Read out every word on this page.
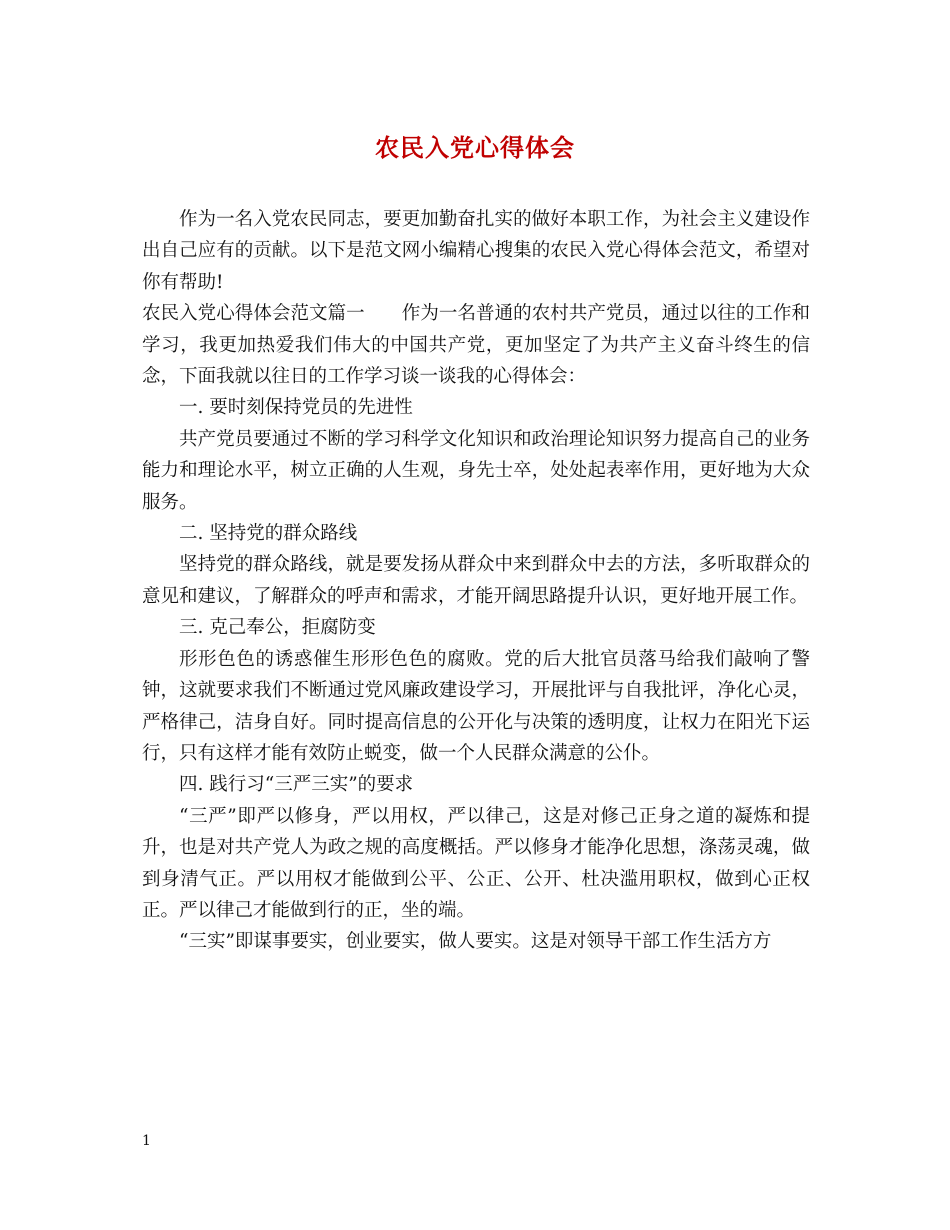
农民入党心得体会

作为一名入党农民同志，要更加勤奋扎实的做好本职工作，为社会主义建设作出自己应有的贡献。以下是范文网小编精心搜集的农民入党心得体会范文，希望对你有帮助!

农民入党心得体会范文篇一　　作为一名普通的农村共产党员，通过以往的工作和学习，我更加热爱我们伟大的中国共产党，更加坚定了为共产主义奋斗终生的信念，下面我就以往日的工作学习谈一谈我的心得体会：

一. 要时刻保持党员的先进性

共产党员要通过不断的学习科学文化知识和政治理论知识努力提高自己的业务能力和理论水平，树立正确的人生观，身先士卒，处处起表率作用，更好地为大众服务。

二. 坚持党的群众路线

坚持党的群众路线，就是要发扬从群众中来到群众中去的方法，多听取群众的意见和建议，了解群众的呼声和需求，才能开阔思路提升认识，更好地开展工作。

三. 克己奉公，拒腐防变

形形色色的诱惑催生形形色色的腐败。党的后大批官员落马给我们敲响了警钟，这就要求我们不断通过党风廉政建设学习，开展批评与自我批评，净化心灵，严格律己，洁身自好。同时提高信息的公开化与决策的透明度，让权力在阳光下运行，只有这样才能有效防止蜕变，做一个人民群众满意的公仆。

四. 践行习“三严三实”的要求

“三严”即严以修身，严以用权，严以律己，这是对修己正身之道的凝炼和提升，也是对共产党人为政之规的高度概括。严以修身才能净化思想，涤荡灵魂，做到身清气正。严以用权才能做到公平、公正、公开、杜决滥用职权，做到心正权正。严以律己才能做到行的正，坐的端。

“三实”即谋事要实，创业要实，做人要实。这是对领导干部工作生活方方

1
